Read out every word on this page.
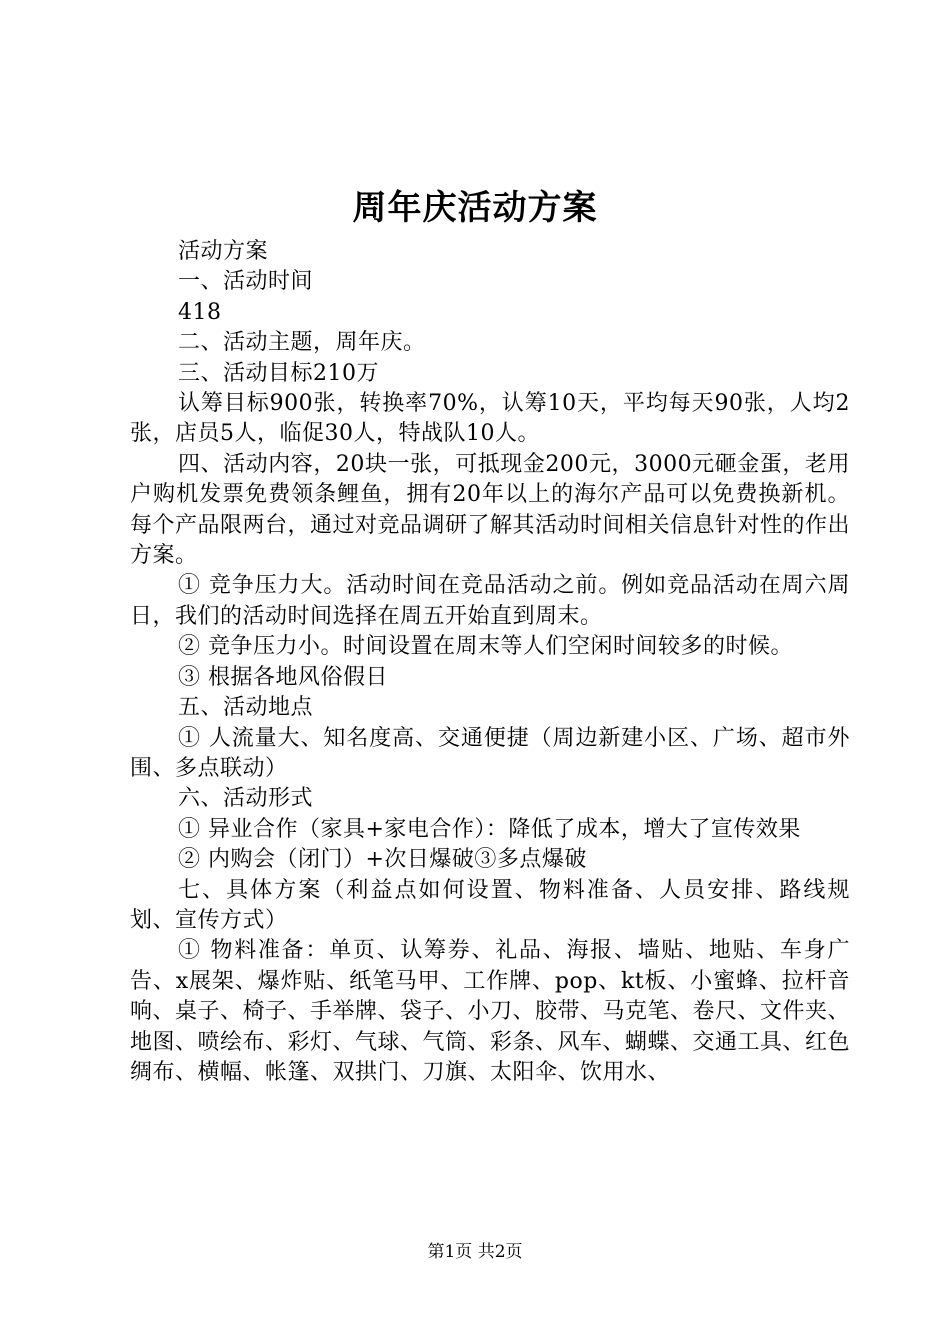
周年庆活动方案

活动方案

一、活动时间

418

二、活动主题，周年庆。

三、活动目标210万

认筹目标900张，转换率70%，认筹10天，平均每天90张，人均2张，店员5人，临促30人，特战队10人。

四、活动内容，20块一张，可抵现金200元，3000元砸金蛋，老用户购机发票免费领条鲤鱼，拥有20年以上的海尔产品可以免费换新机。每个产品限两台，通过对竞品调研了解其活动时间相关信息针对性的作出方案。

① 竞争压力大。活动时间在竞品活动之前。例如竞品活动在周六周日，我们的活动时间选择在周五开始直到周末。

② 竞争压力小。时间设置在周末等人们空闲时间较多的时候。

③ 根据各地风俗假日

五、活动地点

① 人流量大、知名度高、交通便捷（周边新建小区、广场、超市外围、多点联动）

六、活动形式

① 异业合作（家具+家电合作）：降低了成本，增大了宣传效果

② 内购会（闭门）+次日爆破③多点爆破

七、具体方案（利益点如何设置、物料准备、人员安排、路线规划、宣传方式）

① 物料准备：单页、认筹券、礼品、海报、墙贴、地贴、车身广告、x展架、爆炸贴、纸笔马甲、工作牌、pop、kt板、小蜜蜂、拉杆音响、桌子、椅子、手举牌、袋子、小刀、胶带、马克笔、卷尺、文件夹、地图、喷绘布、彩灯、气球、气筒、彩条、风车、蝴蝶、交通工具、红色绸布、横幅、帐篷、双拱门、刀旗、太阳伞、饮用水、

第1页 共2页
